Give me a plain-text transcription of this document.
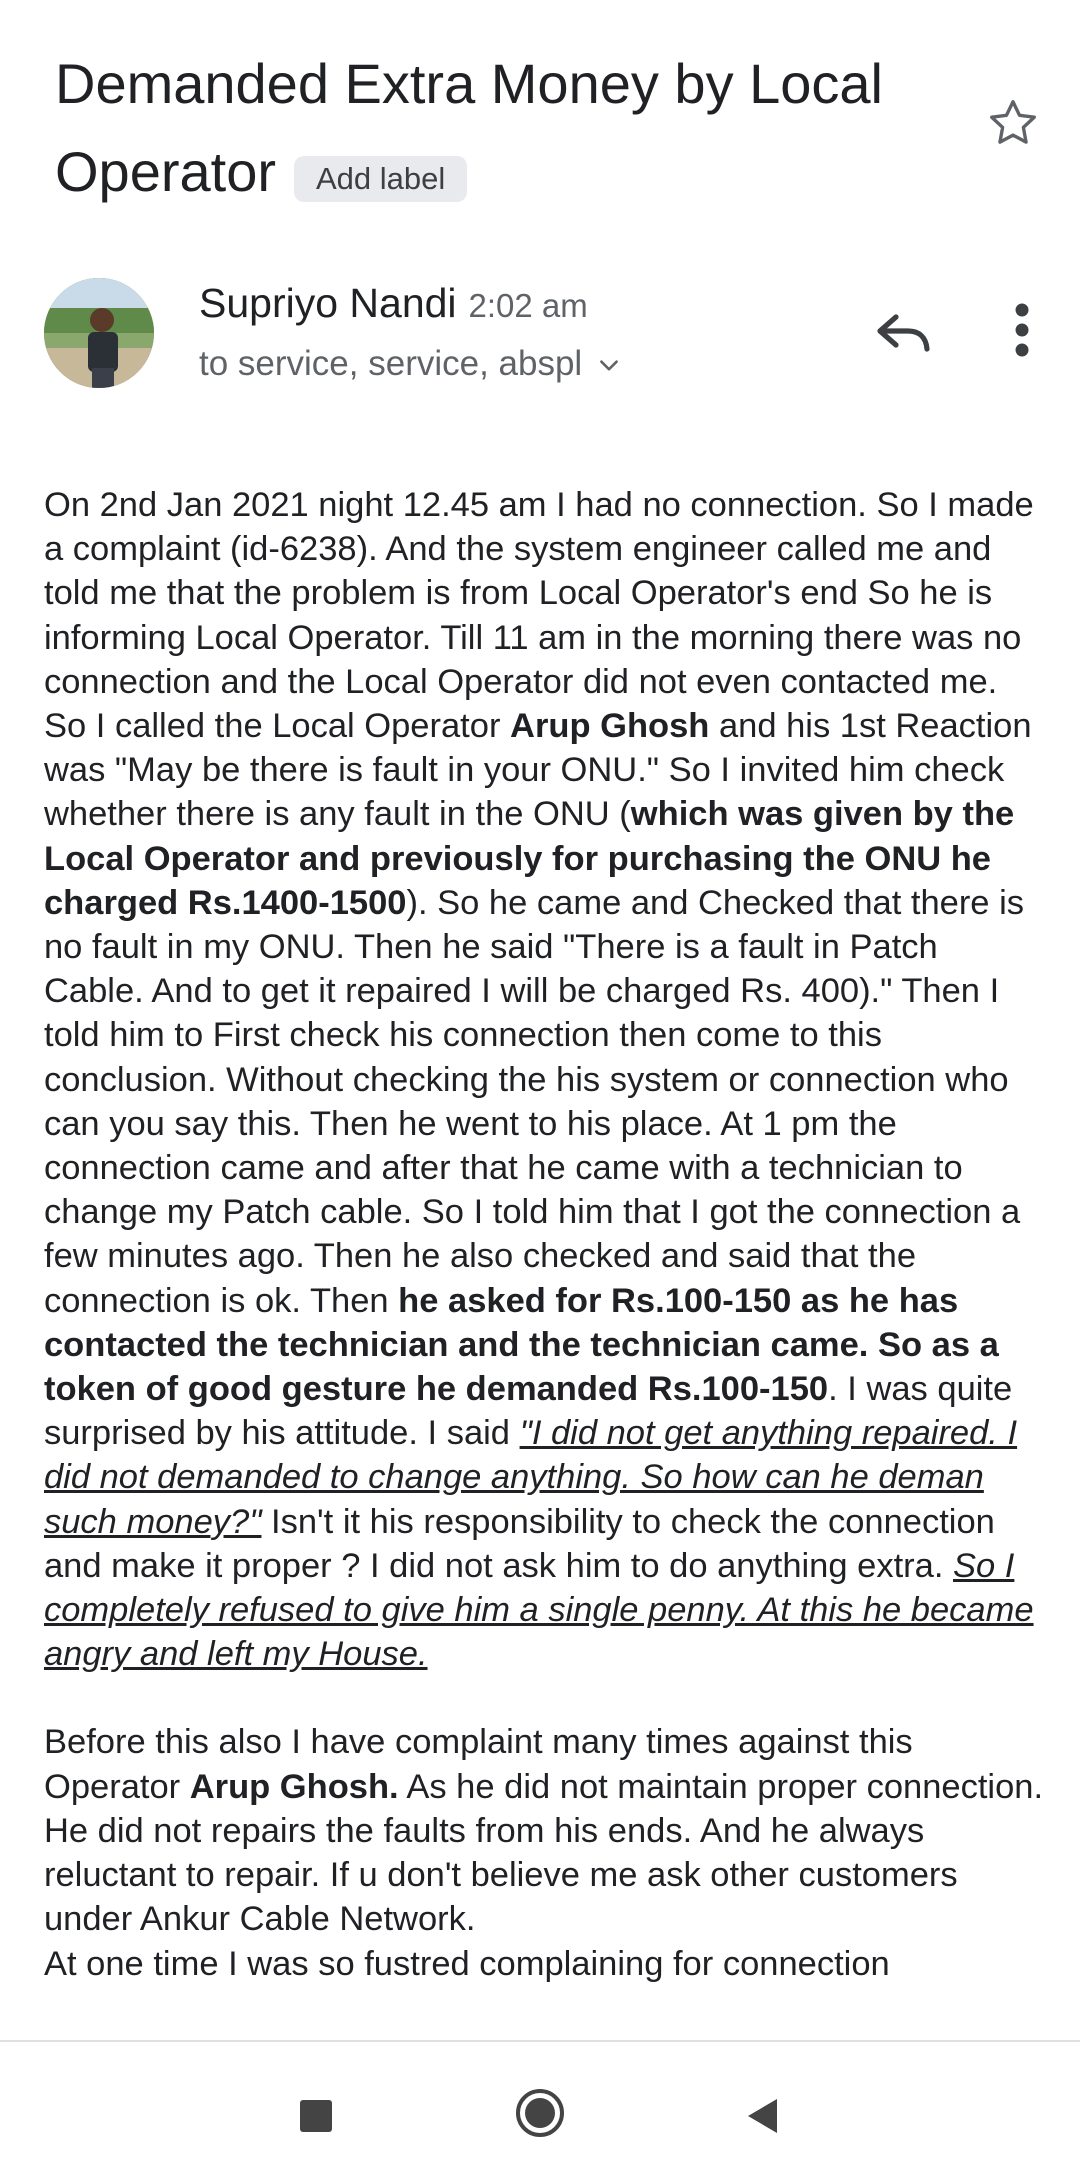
Demanded Extra Money by Local Operator Add label
Supriyo Nandi 2:02 am
to service, service, abspl

On 2nd Jan 2021 night 12.45 am I had no connection. So I made a complaint (id-6238). And the system engineer called me and told me that the problem is from Local Operator's end So he is informing Local Operator. Till 11 am in the morning there was no connection and the Local Operator did not even contacted me. So I called the Local Operator Arup Ghosh and his 1st Reaction was "May be there is fault in your ONU." So I invited him check whether there is any fault in the ONU (which was given by the Local Operator and previously for purchasing the ONU he charged Rs.1400-1500). So he came and Checked that there is no fault in my ONU. Then he said "There is a fault in Patch Cable. And to get it repaired I will be charged Rs. 400)." Then I told him to First check his connection then come to this conclusion. Without checking the his system or connection who can you say this. Then he went to his place. At 1 pm the connection came and after that he came with a technician to change my Patch cable. So I told him that I got the connection a few minutes ago. Then he also checked and said that the connection is ok. Then he asked for Rs.100-150 as he has contacted the technician and the technician came. So as a token of good gesture he demanded Rs.100-150. I was quite surprised by his attitude. I said "I did not get anything repaired. I did not demanded to change anything. So how can he deman such money?" Isn't it his responsibility to check the connection and make it proper ? I did not ask him to do anything extra. So I completely refused to give him a single penny. At this he became angry and left my House.

Before this also I have complaint many times against this Operator Arup Ghosh. As he did not maintain proper connection. He did not repairs the faults from his ends. And he always reluctant to repair. If u don't believe me ask other customers under Ankur Cable Network.
At one time I was so fustred complaining for connection
